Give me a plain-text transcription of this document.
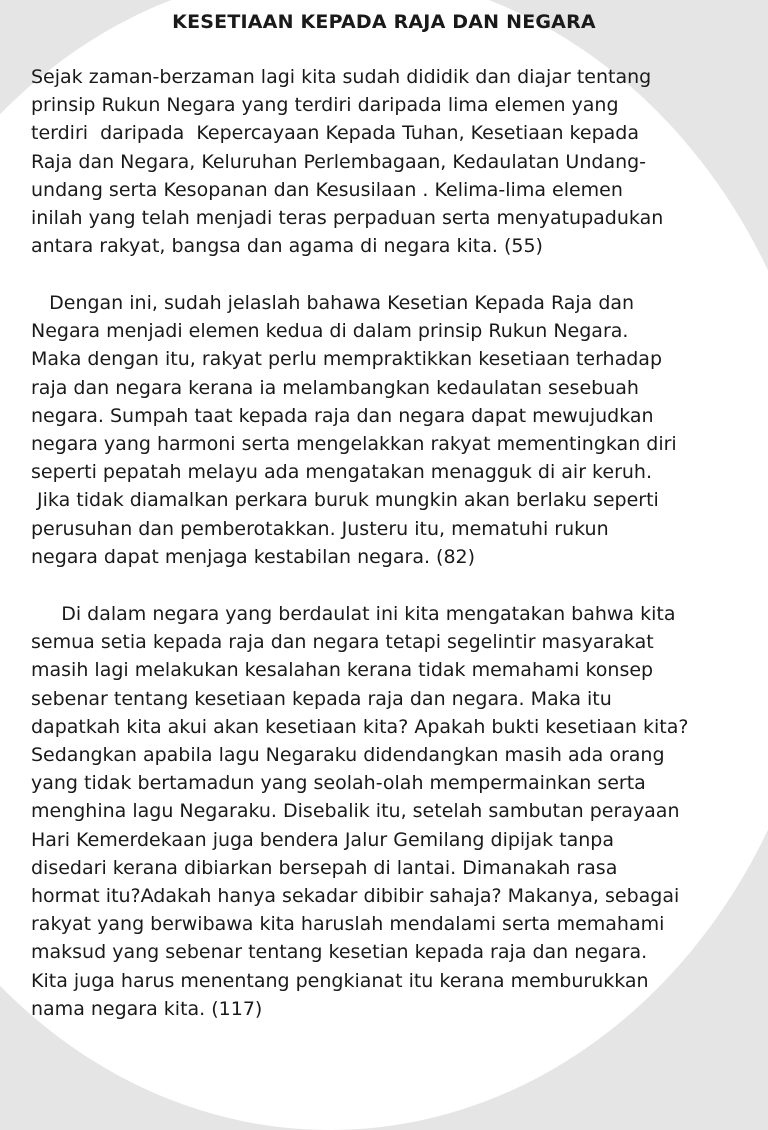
KESETIAAN KEPADA RAJA DAN NEGARA

Sejak zaman-berzaman lagi kita sudah dididik dan diajar tentang
prinsip Rukun Negara yang terdiri daripada lima elemen yang
terdiri  daripada  Kepercayaan Kepada Tuhan, Kesetiaan kepada
Raja dan Negara, Keluruhan Perlembagaan, Kedaulatan Undang-
undang serta Kesopanan dan Kesusilaan . Kelima-lima elemen
inilah yang telah menjadi teras perpaduan serta menyatupadukan
antara rakyat, bangsa dan agama di negara kita. (55)

Dengan ini, sudah jelaslah bahawa Kesetian Kepada Raja dan
Negara menjadi elemen kedua di dalam prinsip Rukun Negara.
Maka dengan itu, rakyat perlu mempraktikkan kesetiaan terhadap
raja dan negara kerana ia melambangkan kedaulatan sesebuah
negara. Sumpah taat kepada raja dan negara dapat mewujudkan
negara yang harmoni serta mengelakkan rakyat mementingkan diri
seperti pepatah melayu ada mengatakan menagguk di air keruh.
Jika tidak diamalkan perkara buruk mungkin akan berlaku seperti
perusuhan dan pemberotakkan. Justeru itu, mematuhi rukun
negara dapat menjaga kestabilan negara. (82)

Di dalam negara yang berdaulat ini kita mengatakan bahwa kita
semua setia kepada raja dan negara tetapi segelintir masyarakat
masih lagi melakukan kesalahan kerana tidak memahami konsep
sebenar tentang kesetiaan kepada raja dan negara. Maka itu
dapatkah kita akui akan kesetiaan kita? Apakah bukti kesetiaan kita?
Sedangkan apabila lagu Negaraku didendangkan masih ada orang
yang tidak bertamadun yang seolah-olah mempermainkan serta
menghina lagu Negaraku. Disebalik itu, setelah sambutan perayaan
Hari Kemerdekaan juga bendera Jalur Gemilang dipijak tanpa
disedari kerana dibiarkan bersepah di lantai. Dimanakah rasa
hormat itu?Adakah hanya sekadar dibibir sahaja? Makanya, sebagai
rakyat yang berwibawa kita haruslah mendalami serta memahami
maksud yang sebenar tentang kesetian kepada raja dan negara.
Kita juga harus menentang pengkianat itu kerana memburukkan
nama negara kita. (117)
